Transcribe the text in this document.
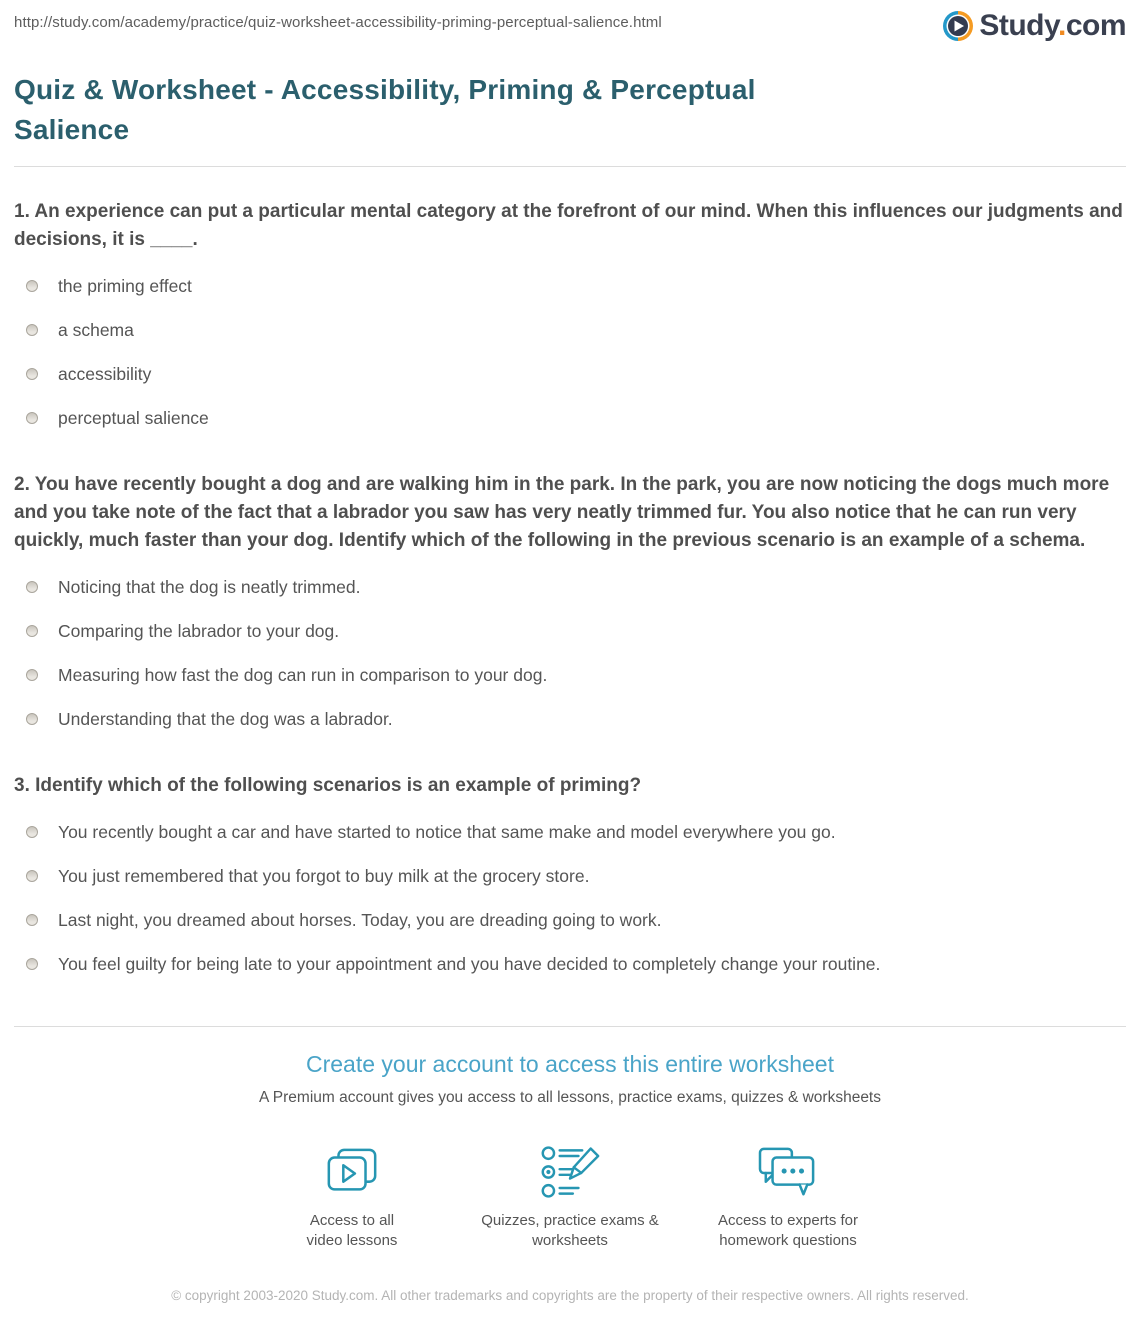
http://study.com/academy/practice/quiz-worksheet-accessibility-priming-perceptual-salience.html	Study.com
Quiz & Worksheet - Accessibility, Priming & Perceptual Salience
1. An experience can put a particular mental category at the forefront of our mind. When this influences our judgments and decisions, it is ____.
the priming effect
a schema
accessibility
perceptual salience
2. You have recently bought a dog and are walking him in the park. In the park, you are now noticing the dogs much more and you take note of the fact that a labrador you saw has very neatly trimmed fur. You also notice that he can run very quickly, much faster than your dog. Identify which of the following in the previous scenario is an example of a schema.
Noticing that the dog is neatly trimmed.
Comparing the labrador to your dog.
Measuring how fast the dog can run in comparison to your dog.
Understanding that the dog was a labrador.
3. Identify which of the following scenarios is an example of priming?
You recently bought a car and have started to notice that same make and model everywhere you go.
You just remembered that you forgot to buy milk at the grocery store.
Last night, you dreamed about horses. Today, you are dreading going to work.
You feel guilty for being late to your appointment and you have decided to completely change your routine.
Create your account to access this entire worksheet
A Premium account gives you access to all lessons, practice exams, quizzes & worksheets
Access to all video lessons
Quizzes, practice exams & worksheets
Access to experts for homework questions
© copyright 2003-2020 Study.com. All other trademarks and copyrights are the property of their respective owners. All rights reserved.
